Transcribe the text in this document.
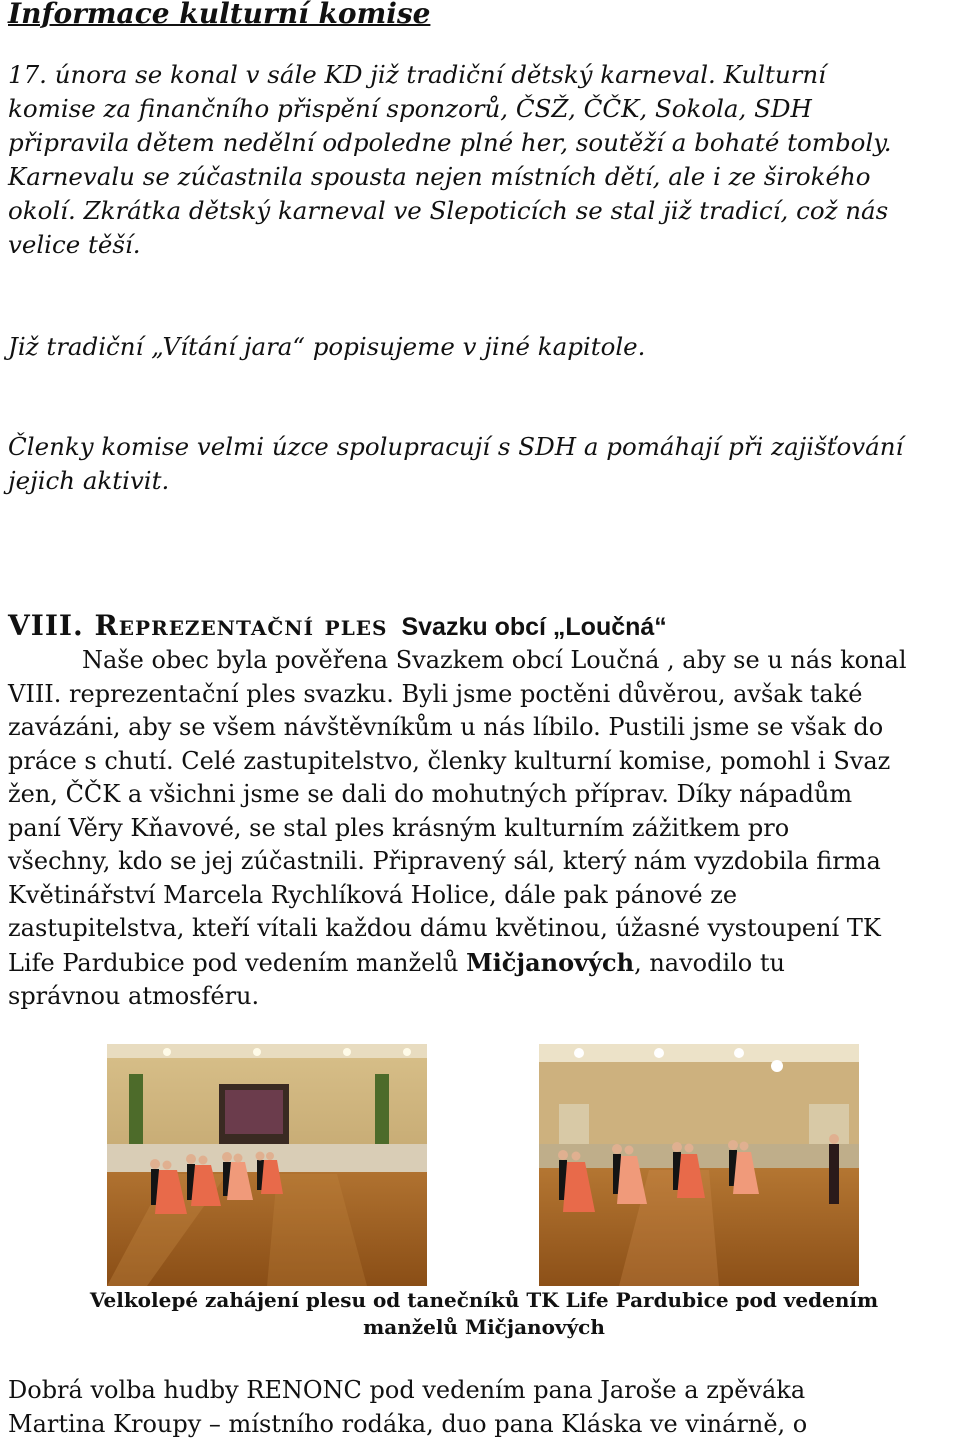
Informace kulturní komise

17. února se konal v sále KD již tradiční dětský karneval. Kulturní
komise za finančního přispění sponzorů, ČSŽ, ČČK, Sokola, SDH
připravila dětem nedělní odpoledne plné her, soutěží a bohaté tomboly.
Karnevalu se zúčastnila spousta nejen místních dětí, ale i ze širokého
okolí. Zkrátka dětský karneval ve Slepoticích se stal již tradicí, což nás
velice těší.

Již tradiční „Vítání jara“ popisujeme v jiné kapitole.

Členky komise velmi úzce spolupracují s SDH a pomáhají při zajišťování
jejich aktivit.

VIII. Reprezentační ples Svazku obcí „Loučná“

Naše obec byla pověřena Svazkem obcí Loučná , aby se u nás konal
VIII. reprezentační ples svazku. Byli jsme poctěni důvěrou, avšak také
zavázáni, aby se všem návštěvníkům u nás líbilo. Pustili jsme se však do
práce s chutí. Celé zastupitelstvo, členky kulturní komise, pomohl i Svaz
žen, ČČK a všichni jsme se dali do mohutných příprav. Díky nápadům
paní Věry Kňavové, se stal ples krásným kulturním zážitkem pro
všechny, kdo se jej zúčastnili. Připravený sál, který nám vyzdobila firma
Květinářství Marcela Rychlíková Holice, dále pak pánové ze
zastupitelstva, kteří vítali každou dámu květinou, úžasné vystoupení TK
Life Pardubice pod vedením manželů Mičjanových, navodilo tu
správnou atmosféru.

Velkolepé zahájení plesu od tanečníků TK Life Pardubice pod vedením
manželů Mičjanových

Dobrá volba hudby RENONC pod vedením pana Jaroše a zpěváka
Martina Kroupy – místního rodáka, duo pana Kláska ve vinárně, o
